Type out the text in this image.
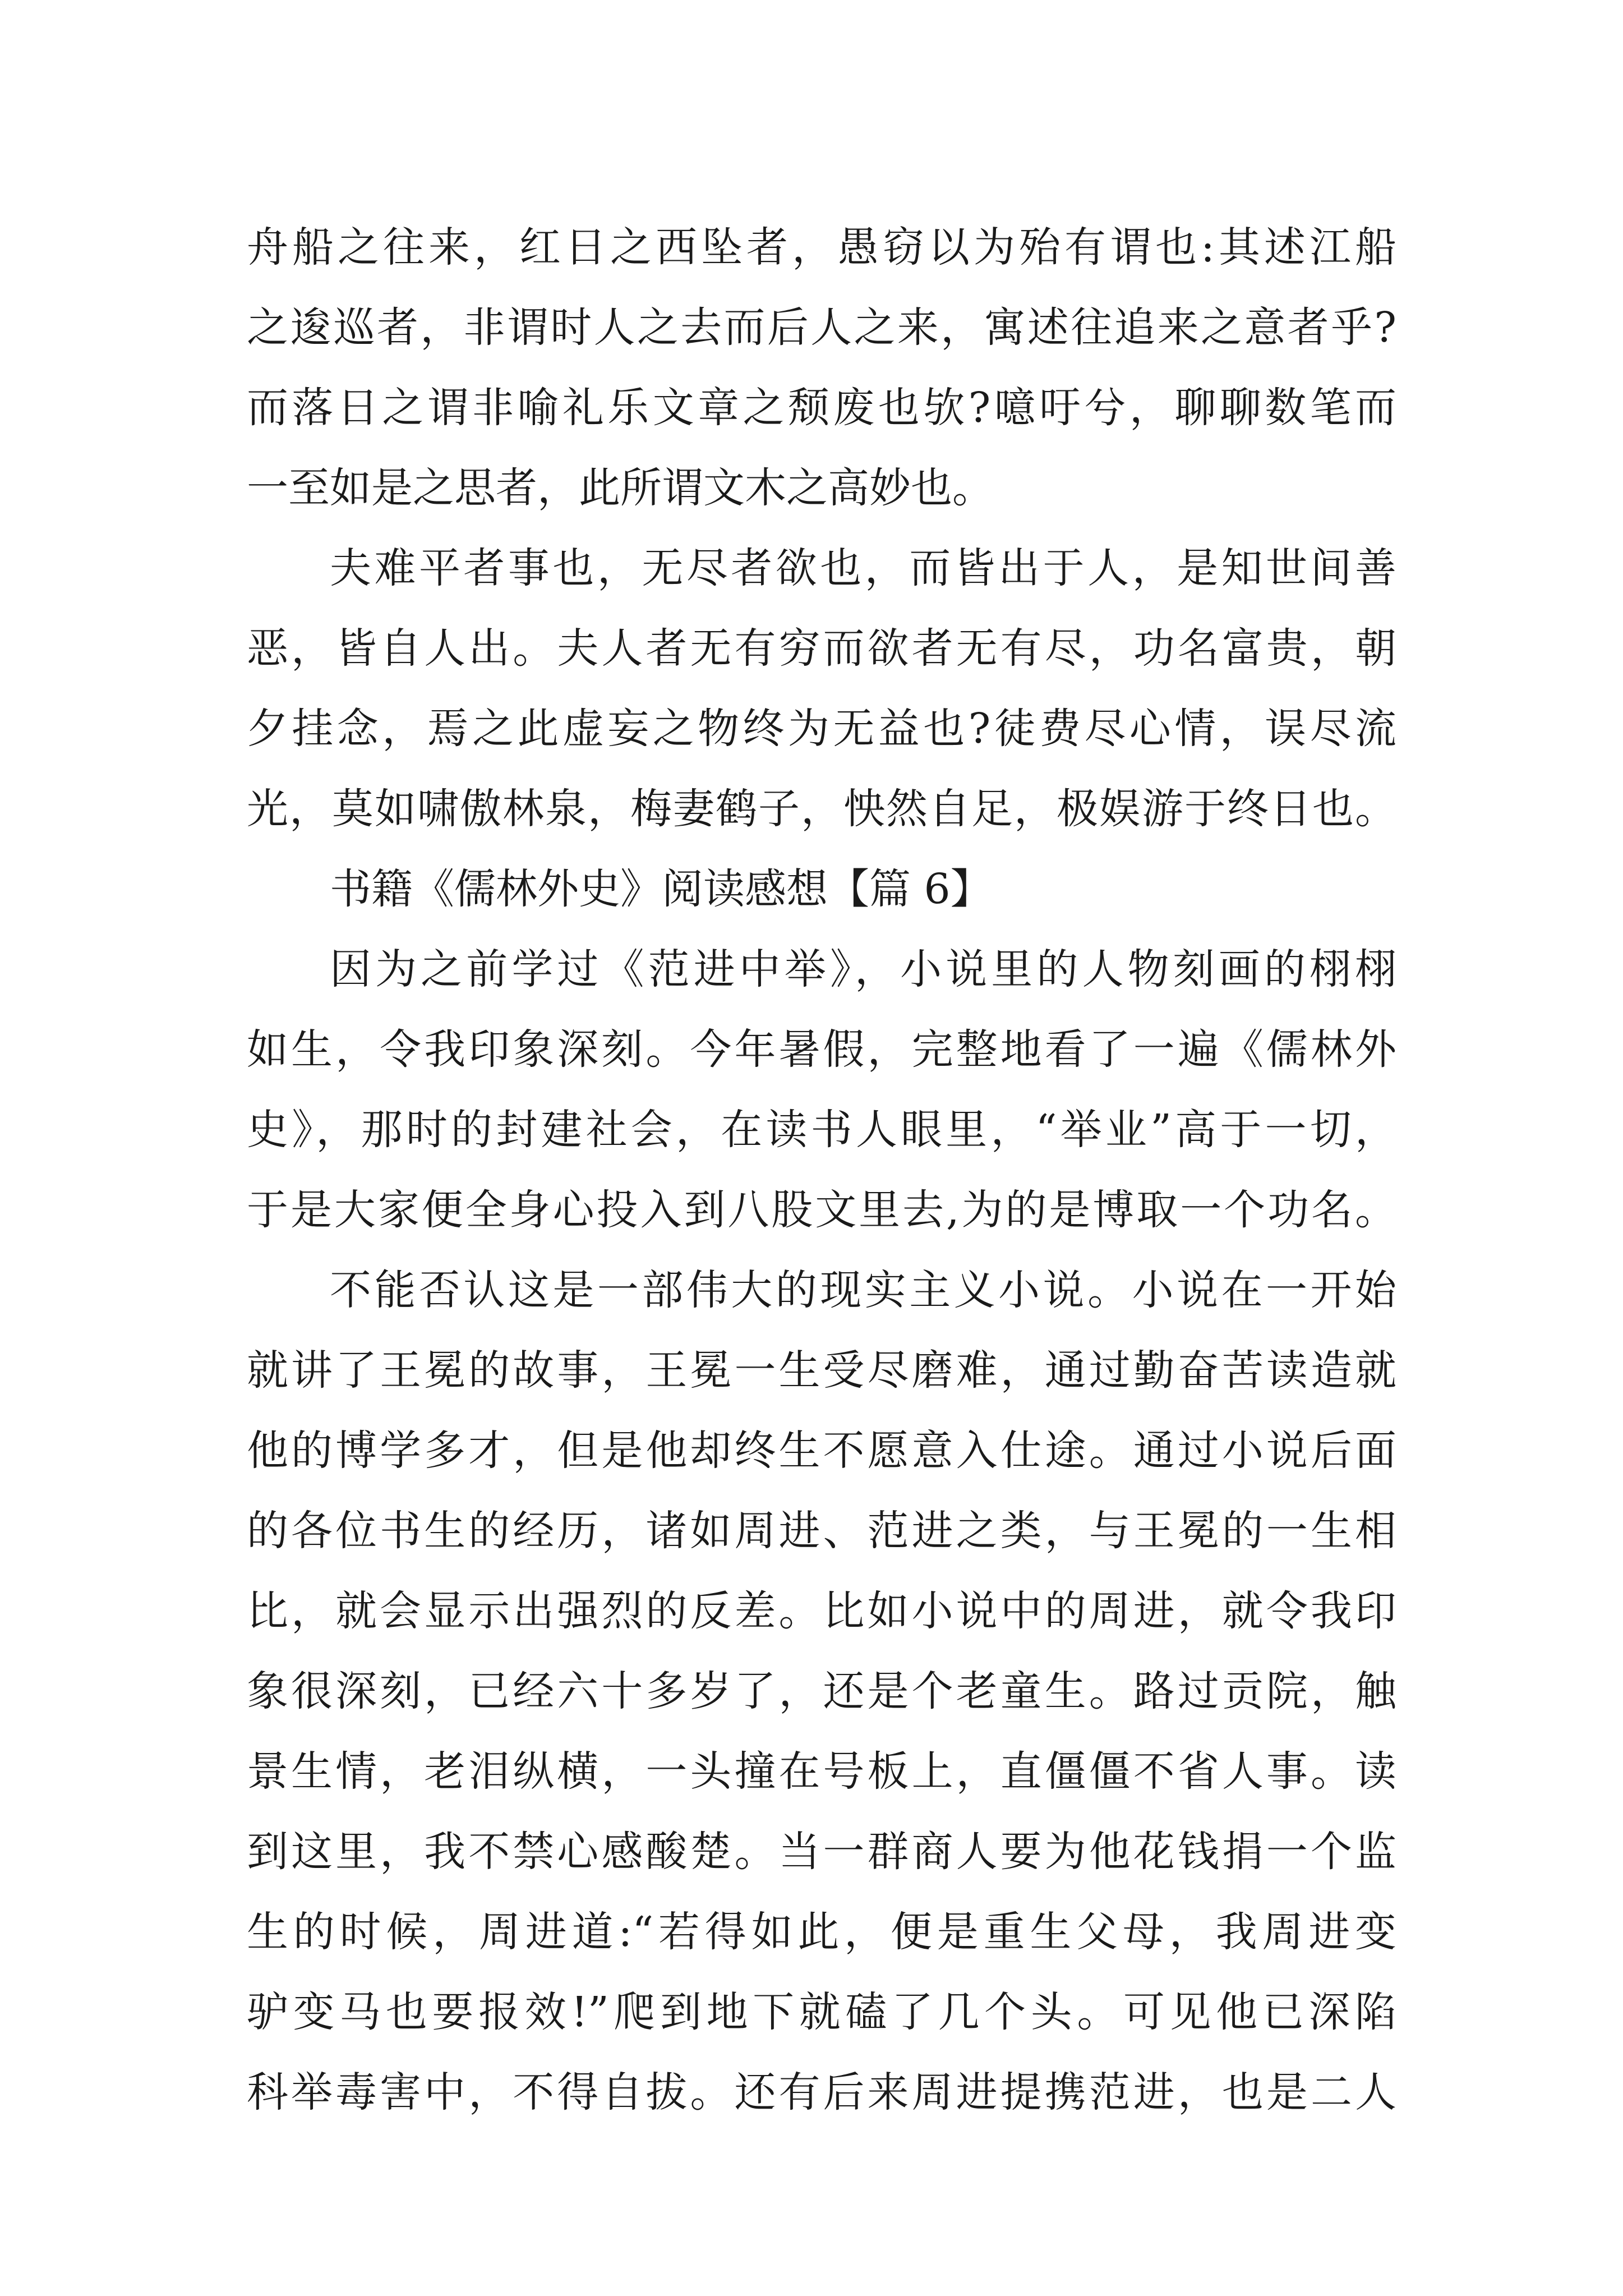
舟船之往来，红日之西坠者，愚窃以为殆有谓也:其述江船
之逡巡者，非谓时人之去而后人之来，寓述往追来之意者乎?
而落日之谓非喻礼乐文章之颓废也欤?噫吁兮，聊聊数笔而
一至如是之思者，此所谓文木之高妙也。
夫难平者事也，无尽者欲也，而皆出于人，是知世间善
恶，皆自人出。夫人者无有穷而欲者无有尽，功名富贵，朝
夕挂念，焉之此虚妄之物终为无益也?徒费尽心情，误尽流
光，莫如啸傲林泉，梅妻鹤子，怏然自足，极娱游于终日也。
书籍《儒林外史》阅读感想【篇 6】
因为之前学过《范进中举》，小说里的人物刻画的栩栩
如生，令我印象深刻。今年暑假，完整地看了一遍《儒林外
史》，那时的封建社会，在读书人眼里，“举业”高于一切，
于是大家便全身心投入到八股文里去,为的是博取一个功名。
不能否认这是一部伟大的现实主义小说。小说在一开始
就讲了王冕的故事，王冕一生受尽磨难，通过勤奋苦读造就
他的博学多才，但是他却终生不愿意入仕途。通过小说后面
的各位书生的经历，诸如周进、范进之类，与王冕的一生相
比，就会显示出强烈的反差。比如小说中的周进，就令我印
象很深刻，已经六十多岁了，还是个老童生。路过贡院，触
景生情，老泪纵横，一头撞在号板上，直僵僵不省人事。读
到这里，我不禁心感酸楚。当一群商人要为他花钱捐一个监
生的时候，周进道:“若得如此，便是重生父母，我周进变
驴变马也要报效!”爬到地下就磕了几个头。可见他已深陷
科举毒害中，不得自拔。还有后来周进提携范进，也是二人
